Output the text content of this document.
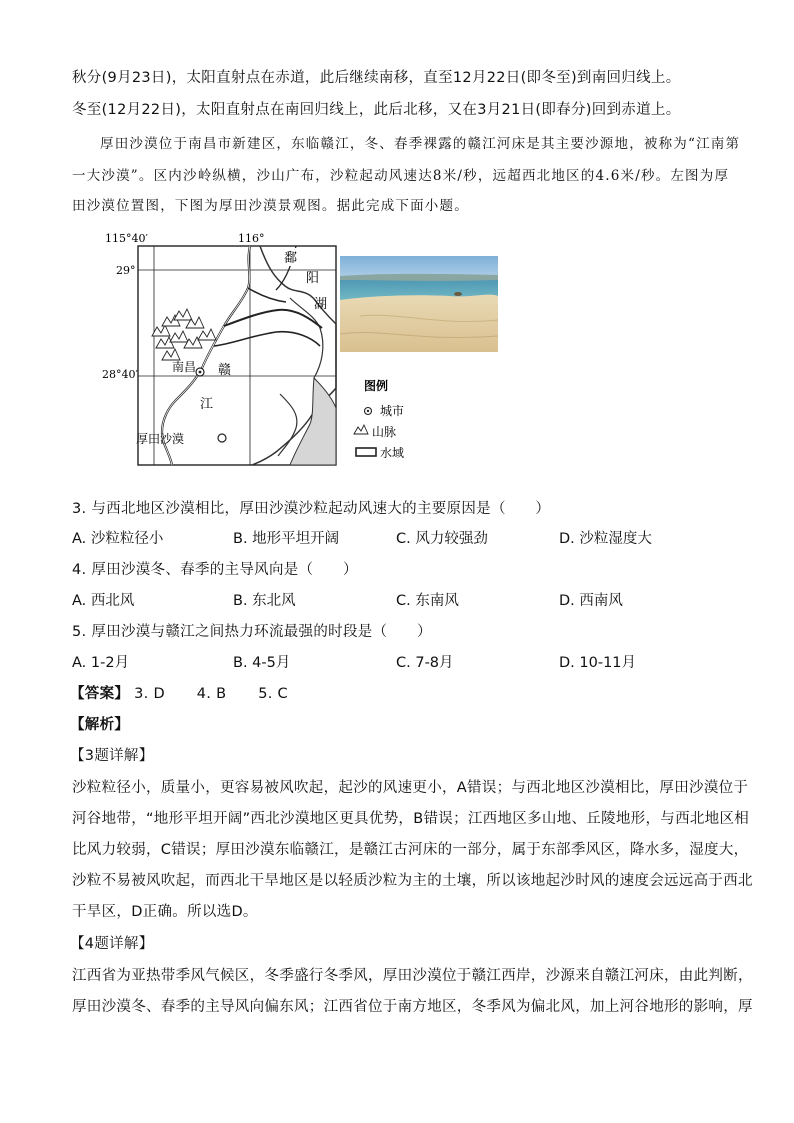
秋分(9月23日)，太阳直射点在赤道，此后继续南移，直至12月22日(即冬至)到南回归线上。
冬至(12月22日)，太阳直射点在南回归线上，此后北移，又在3月21日(即春分)回到赤道上。
厚田沙漠位于南昌市新建区，东临赣江，冬、春季裸露的赣江河床是其主要沙源地，被称为“江南第
一大沙漠”。区内沙岭纵横，沙山广布，沙粒起动风速达8米/秒，远超西北地区的4.6米/秒。左图为厚
田沙漠位置图，下图为厚田沙漠景观图。据此完成下面小题。
115°40′	116°
29°
28°40′
鄱
阳
湖
南昌 赣
江
厚田沙漠
图例
城市
山脉
水域
3. 与西北地区沙漠相比，厚田沙漠沙粒起动风速大的主要原因是（　　）
A. 沙粒粒径小	B. 地形平坦开阔	C. 风力较强劲	D. 沙粒湿度大
4. 厚田沙漠冬、春季的主导风向是（　　）
A. 西北风	B. 东北风	C. 东南风	D. 西南风
5. 厚田沙漠与赣江之间热力环流最强的时段是（　　）
A. 1-2月	B. 4-5月	C. 7-8月	D. 10-11月
【答案】 3. D 4. B 5. C
【解析】
【3题详解】
沙粒粒径小，质量小，更容易被风吹起，起沙的风速更小，A错误；与西北地区沙漠相比，厚田沙漠位于
河谷地带，“地形平坦开阔”西北沙漠地区更具优势，B错误；江西地区多山地、丘陵地形，与西北地区相
比风力较弱，C错误；厚田沙漠东临赣江，是赣江古河床的一部分，属于东部季风区，降水多，湿度大，
沙粒不易被风吹起，而西北干旱地区是以轻质沙粒为主的土壤，所以该地起沙时风的速度会远远高于西北
干旱区，D正确。所以选D。
【4题详解】
江西省为亚热带季风气候区，冬季盛行冬季风，厚田沙漠位于赣江西岸，沙源来自赣江河床，由此判断，
厚田沙漠冬、春季的主导风向偏东风；江西省位于南方地区，冬季风为偏北风，加上河谷地形的影响，厚
